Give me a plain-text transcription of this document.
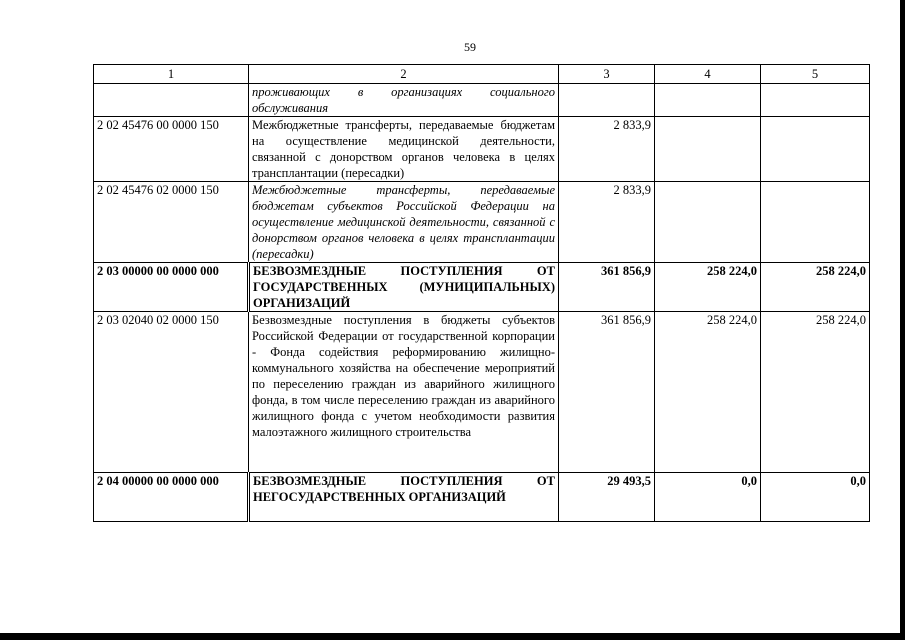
59
1	2	3	4	5
	проживающих в организациях социального обслуживания			
2 02 45476 00 0000 150	Межбюджетные трансферты, передаваемые бюджетам на осуществление медицинской деятельности, связанной с донорством органов человека в целях трансплантации (пересадки)	2 833,9		
2 02 45476 02 0000 150	Межбюджетные трансферты, передаваемые бюджетам субъектов Российской Федерации на осуществление медицинской деятельности, связанной с донорством органов человека в целях трансплантации (пересадки)	2 833,9		
2 03 00000 00 0000 000	БЕЗВОЗМЕЗДНЫЕ ПОСТУПЛЕНИЯ ОТ ГОСУДАРСТВЕННЫХ (МУНИЦИПАЛЬНЫХ) ОРГАНИЗАЦИЙ	361 856,9	258 224,0	258 224,0
2 03 02040 02 0000 150	Безвозмездные поступления в бюджеты субъектов Российской Федерации от государственной корпорации - Фонда содействия реформированию жилищно-коммунального хозяйства на обеспечение мероприятий по переселению граждан из аварийного жилищного фонда, в том числе переселению граждан из аварийного жилищного фонда с учетом необходимости развития малоэтажного жилищного строительства	361 856,9	258 224,0	258 224,0
2 04 00000 00 0000 000	БЕЗВОЗМЕЗДНЫЕ ПОСТУПЛЕНИЯ ОТ НЕГОСУДАРСТВЕННЫХ ОРГАНИЗАЦИЙ	29 493,5	0,0	0,0
